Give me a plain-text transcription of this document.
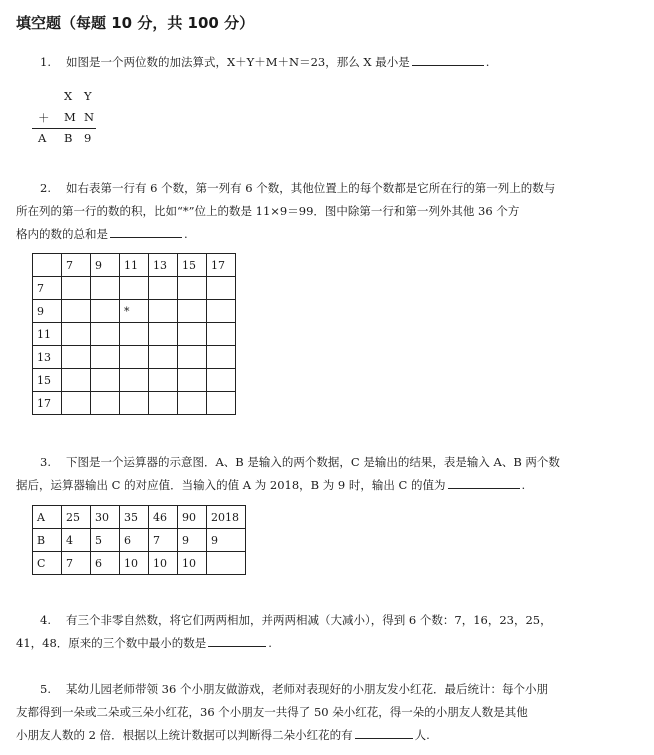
填空题（每题 10 分，共 100 分）
1. 如图是一个两位数的加法算式，X＋Y＋M＋N＝23，那么 X 最小是	.
X Y
＋ M N
A B 9
2. 如右表第一行有 6 个数，第一列有 6 个数，其他位置上的每个数都是它所在行的第一列上的数与
所在列的第一行的数的积，比如“*”位上的数是 11×9＝99．图中除第一行和第一列外其他 36 个方
格内的数的总和是	.
	7	9	11	13	15	17
7						
9			*			
11						
13						
15						
17						
3. 下图是一个运算器的示意图．A、B 是输入的两个数据，C 是输出的结果，表是输入 A、B 两个数
据后，运算器输出 C 的对应值．当输入的值 A 为 2018，B 为 9 时，输出 C 的值为	.
A	25	30	35	46	90	2018
B	4	5	6	7	9	9
C	7	6	10	10	10	
4. 有三个非零自然数，将它们两两相加，并两两相减（大减小），得到 6 个数：7，16，23，25，
41，48．原来的三个数中最小的数是	.
5. 某幼儿园老师带领 36 个小朋友做游戏，老师对表现好的小朋友发小红花．最后统计：每个小朋
友都得到一朵或二朵或三朵小红花，36 个小朋友一共得了 50 朵小红花，得一朵的小朋友人数是其他
小朋友人数的 2 倍．根据以上统计数据可以判断得二朵小红花的有	人.
